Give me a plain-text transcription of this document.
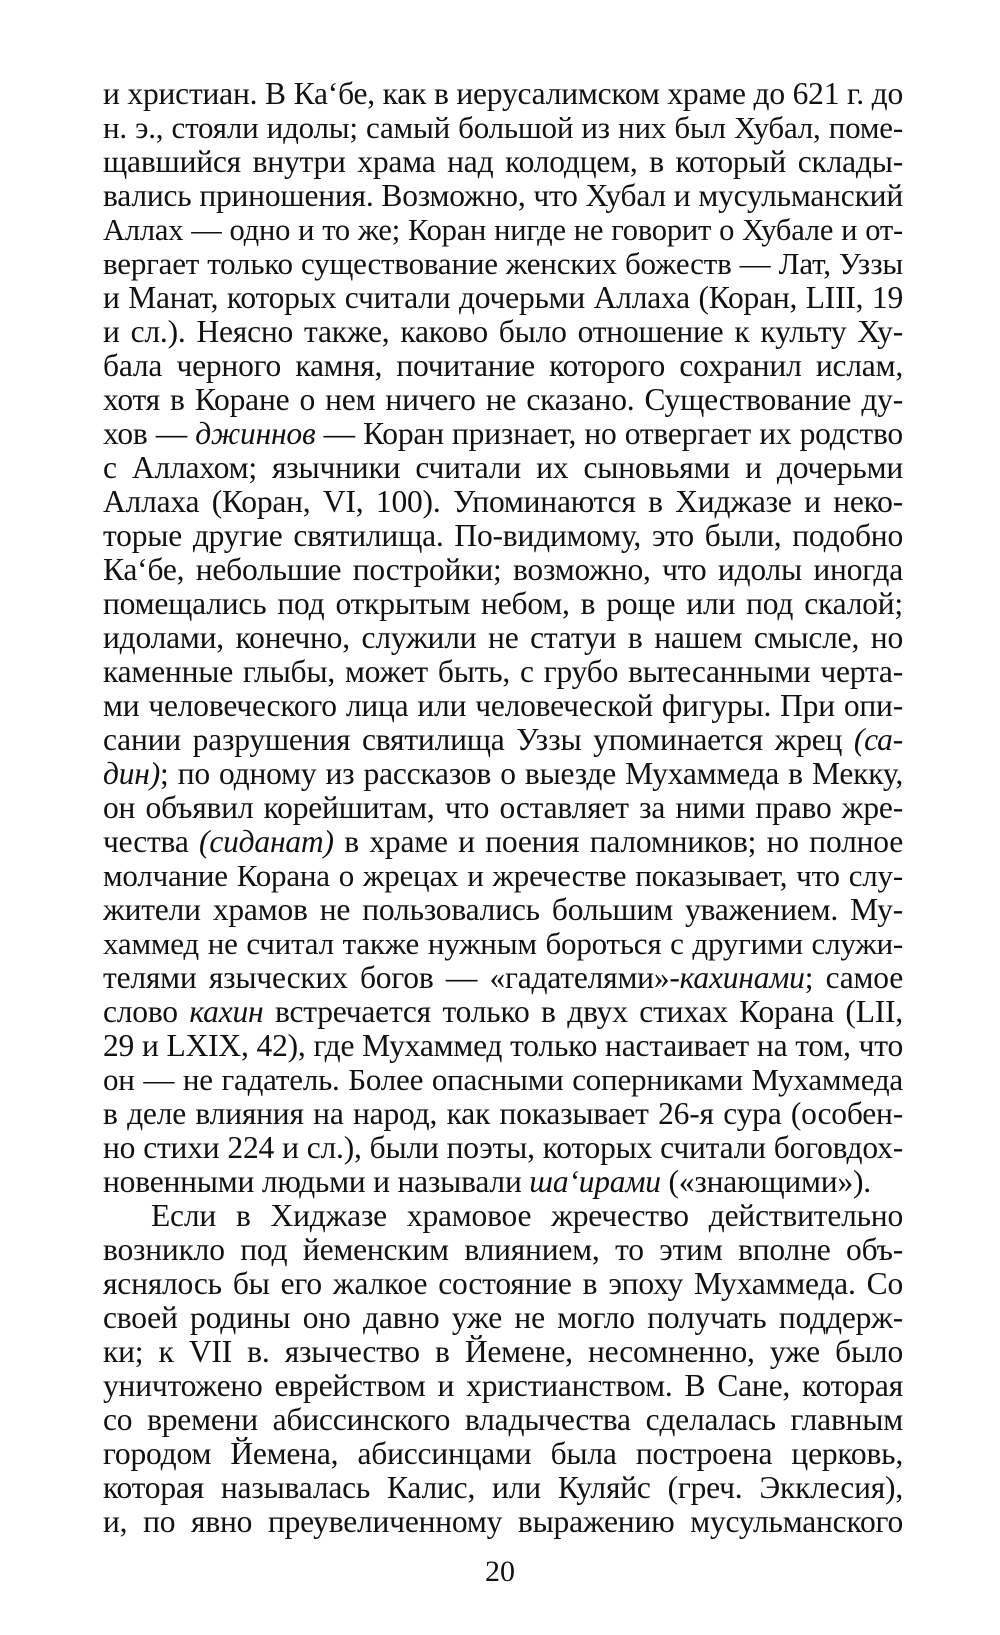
и христиан. В Ка‘бе, как в иерусалимском храме до 621 г. до
н. э., стояли идолы; самый большой из них был Хубал, поме-
щавшийся внутри храма над колодцем, в который склады-
вались приношения. Возможно, что Хубал и мусульманский
Аллах — одно и то же; Коран нигде не говорит о Хубале и от-
вергает только существование женских божеств — Лат, Уззы
и Манат, которых считали дочерьми Аллаха (Коран, LIII, 19
и сл.). Неясно также, каково было отношение к культу Ху-
бала черного камня, почитание которого сохранил ислам,
хотя в Коране о нем ничего не сказано. Существование ду-
хов — джиннов — Коран признает, но отвергает их родство
с Аллахом; язычники считали их сыновьями и дочерьми
Аллаха (Коран, VI, 100). Упоминаются в Хиджазе и неко-
торые другие святилища. По-видимому, это были, подобно
Ка‘бе, небольшие постройки; возможно, что идолы иногда
помещались под открытым небом, в роще или под скалой;
идолами, конечно, служили не статуи в нашем смысле, но
каменные глыбы, может быть, с грубо вытесанными черта-
ми человеческого лица или человеческой фигуры. При опи-
сании разрушения святилища Уззы упоминается жрец (са-
дин); по одному из рассказов о выезде Мухаммеда в Мекку,
он объявил корейшитам, что оставляет за ними право жре-
чества (сиданат) в храме и поения паломников; но полное
молчание Корана о жрецах и жречестве показывает, что слу-
жители храмов не пользовались большим уважением. Му-
хаммед не считал также нужным бороться с другими служи-
телями языческих богов — «гадателями»-кахинами; самое
слово кахин встречается только в двух стихах Корана (LII,
29 и LXIX, 42), где Мухаммед только настаивает на том, что
он — не гадатель. Более опасными соперниками Мухаммеда
в деле влияния на народ, как показывает 26-я сура (особен-
но стихи 224 и сл.), были поэты, которых считали боговдох-
новенными людьми и называли ша‘ирами («знающими»).
Если в Хиджазе храмовое жречество действительно
возникло под йеменским влиянием, то этим вполне объ-
яснялось бы его жалкое состояние в эпоху Мухаммеда. Со
своей родины оно давно уже не могло получать поддерж-
ки; к VII в. язычество в Йемене, несомненно, уже было
уничтожено еврейством и христианством. В Сане, которая
со времени абиссинского владычества сделалась главным
городом Йемена, абиссинцами была построена церковь,
которая называлась Калис, или Куляйс (греч. Экклесия),
и, по явно преувеличенному выражению мусульманского
20
